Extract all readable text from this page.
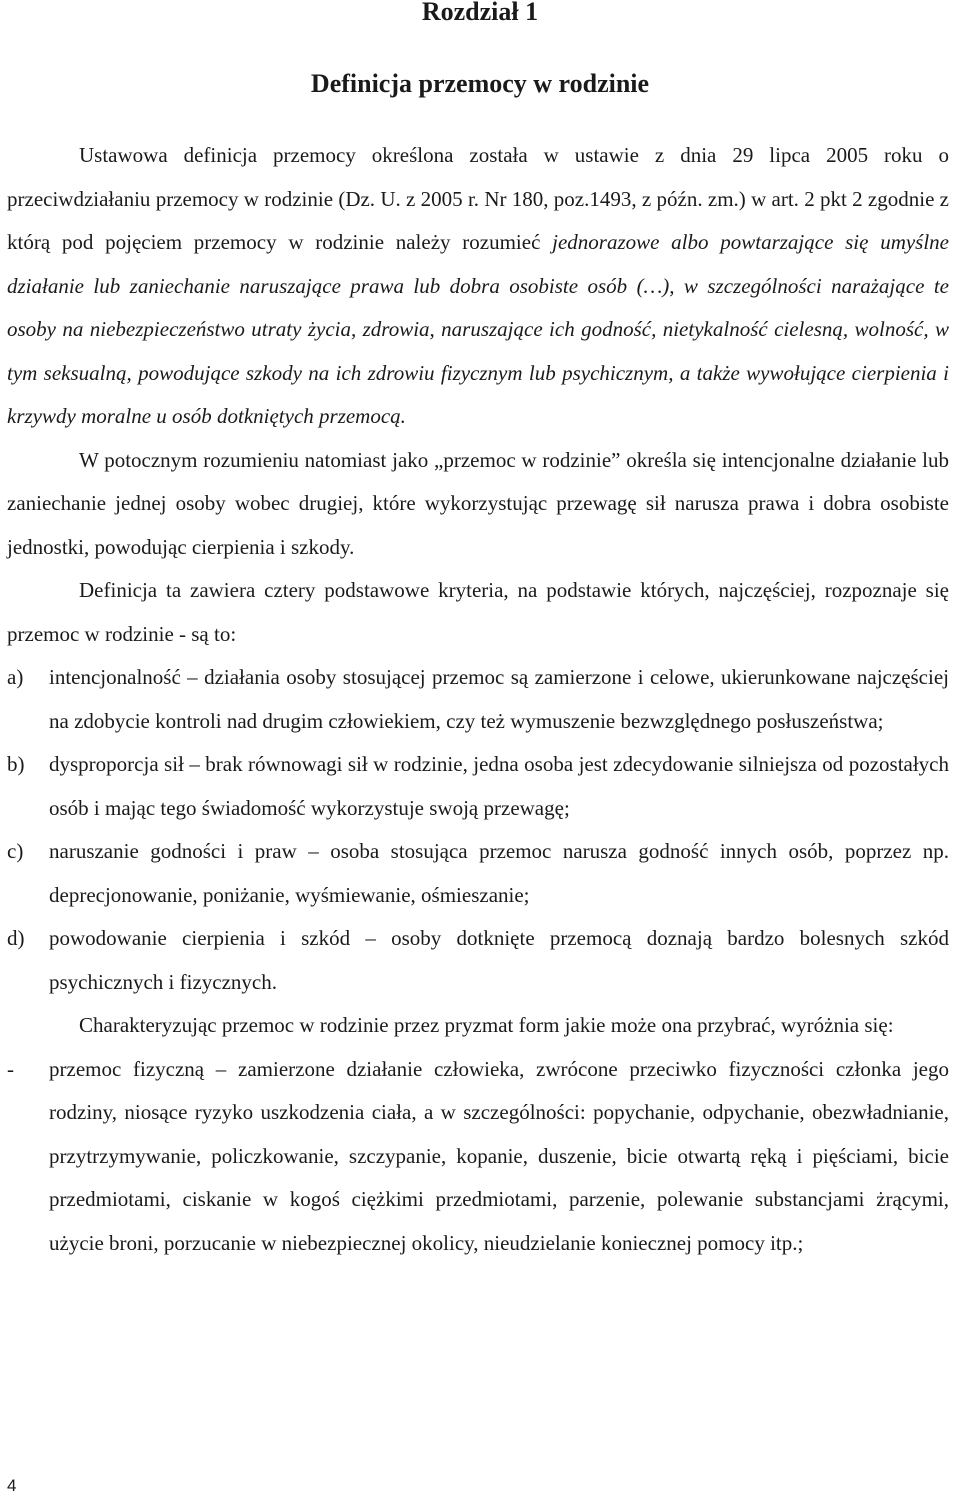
Rozdział 1
Definicja przemocy w rodzinie

Ustawowa definicja przemocy określona została w ustawie z dnia 29 lipca 2005 roku o przeciwdziałaniu przemocy w rodzinie (Dz. U. z 2005 r. Nr 180, poz.1493, z późn. zm.) w art. 2 pkt 2 zgodnie z którą pod pojęciem przemocy w rodzinie należy rozumieć jednorazowe albo powtarzające się umyślne działanie lub zaniechanie naruszające prawa lub dobra osobiste osób (…), w szczególności narażające te osoby na niebezpieczeństwo utraty życia, zdrowia, naruszające ich godność, nietykalność cielesną, wolność, w tym seksualną, powodujące szkody na ich zdrowiu fizycznym lub psychicznym, a także wywołujące cierpienia i krzywdy moralne u osób dotkniętych przemocą.

W potocznym rozumieniu natomiast jako „przemoc w rodzinie” określa się intencjonalne działanie lub zaniechanie jednej osoby wobec drugiej, które wykorzystując przewagę sił narusza prawa i dobra osobiste jednostki, powodując cierpienia i szkody.

Definicja ta zawiera cztery podstawowe kryteria, na podstawie których, najczęściej, rozpoznaje się przemoc w rodzinie - są to:

a)	intencjonalność – działania osoby stosującej przemoc są zamierzone i celowe, ukierunkowane najczęściej na zdobycie kontroli nad drugim człowiekiem, czy też wymuszenie bezwzględnego posłuszeństwa;
b)	dysproporcja sił – brak równowagi sił w rodzinie, jedna osoba jest zdecydowanie silniejsza od pozostałych osób i mając tego świadomość wykorzystuje swoją przewagę;
c)	naruszanie godności i praw – osoba stosująca przemoc narusza godność innych osób, poprzez np. deprecjonowanie, poniżanie, wyśmiewanie, ośmieszanie;
d)	powodowanie cierpienia i szkód – osoby dotknięte przemocą doznają bardzo bolesnych szkód psychicznych i fizycznych.

Charakteryzując przemoc w rodzinie przez pryzmat form jakie może ona przybrać, wyróżnia się:

-	przemoc fizyczną – zamierzone działanie człowieka, zwrócone przeciwko fizyczności członka jego rodziny, niosące ryzyko uszkodzenia ciała, a w szczególności: popychanie, odpychanie, obezwładnianie, przytrzymywanie, policzkowanie, szczypanie, kopanie, duszenie, bicie otwartą ręką i pięściami, bicie przedmiotami, ciskanie w kogoś ciężkimi przedmiotami, parzenie, polewanie substancjami żrącymi, użycie broni, porzucanie w niebezpiecznej okolicy, nieudzielanie koniecznej pomocy itp.;
4
